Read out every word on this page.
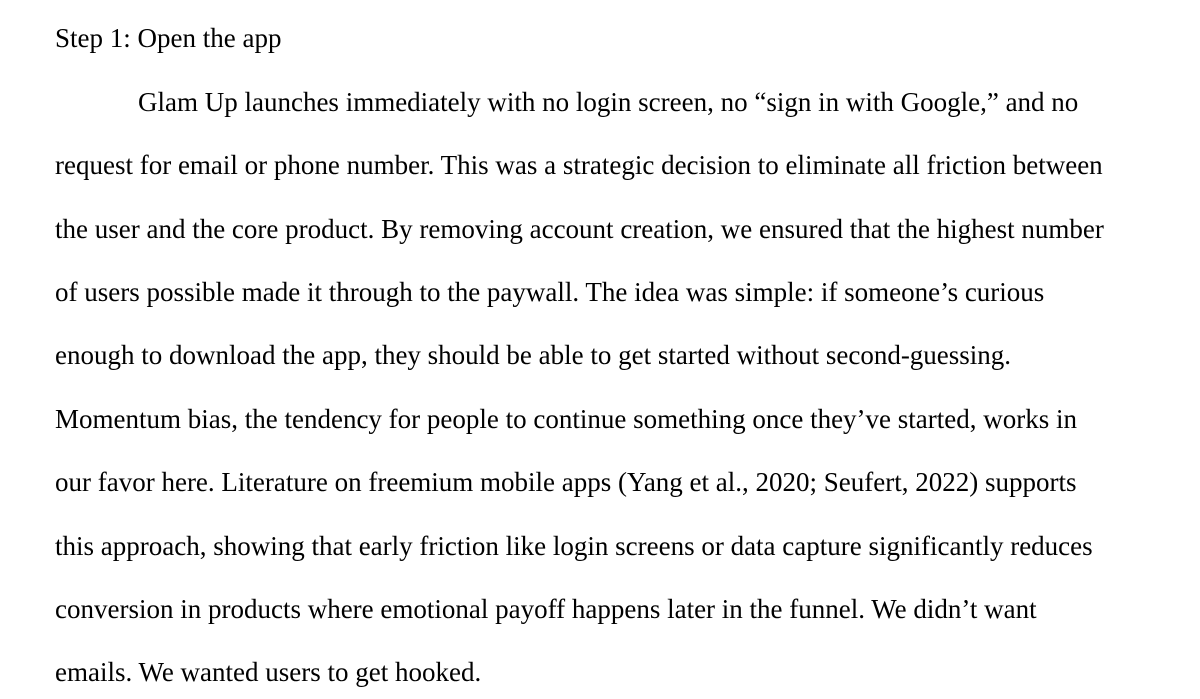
Step 1: Open the app
Glam Up launches immediately with no login screen, no “sign in with Google,” and no
request for email or phone number. This was a strategic decision to eliminate all friction between
the user and the core product. By removing account creation, we ensured that the highest number
of users possible made it through to the paywall. The idea was simple: if someone’s curious
enough to download the app, they should be able to get started without second-guessing.
Momentum bias, the tendency for people to continue something once they’ve started, works in
our favor here. Literature on freemium mobile apps (Yang et al., 2020; Seufert, 2022) supports
this approach, showing that early friction like login screens or data capture significantly reduces
conversion in products where emotional payoff happens later in the funnel. We didn’t want
emails. We wanted users to get hooked.
